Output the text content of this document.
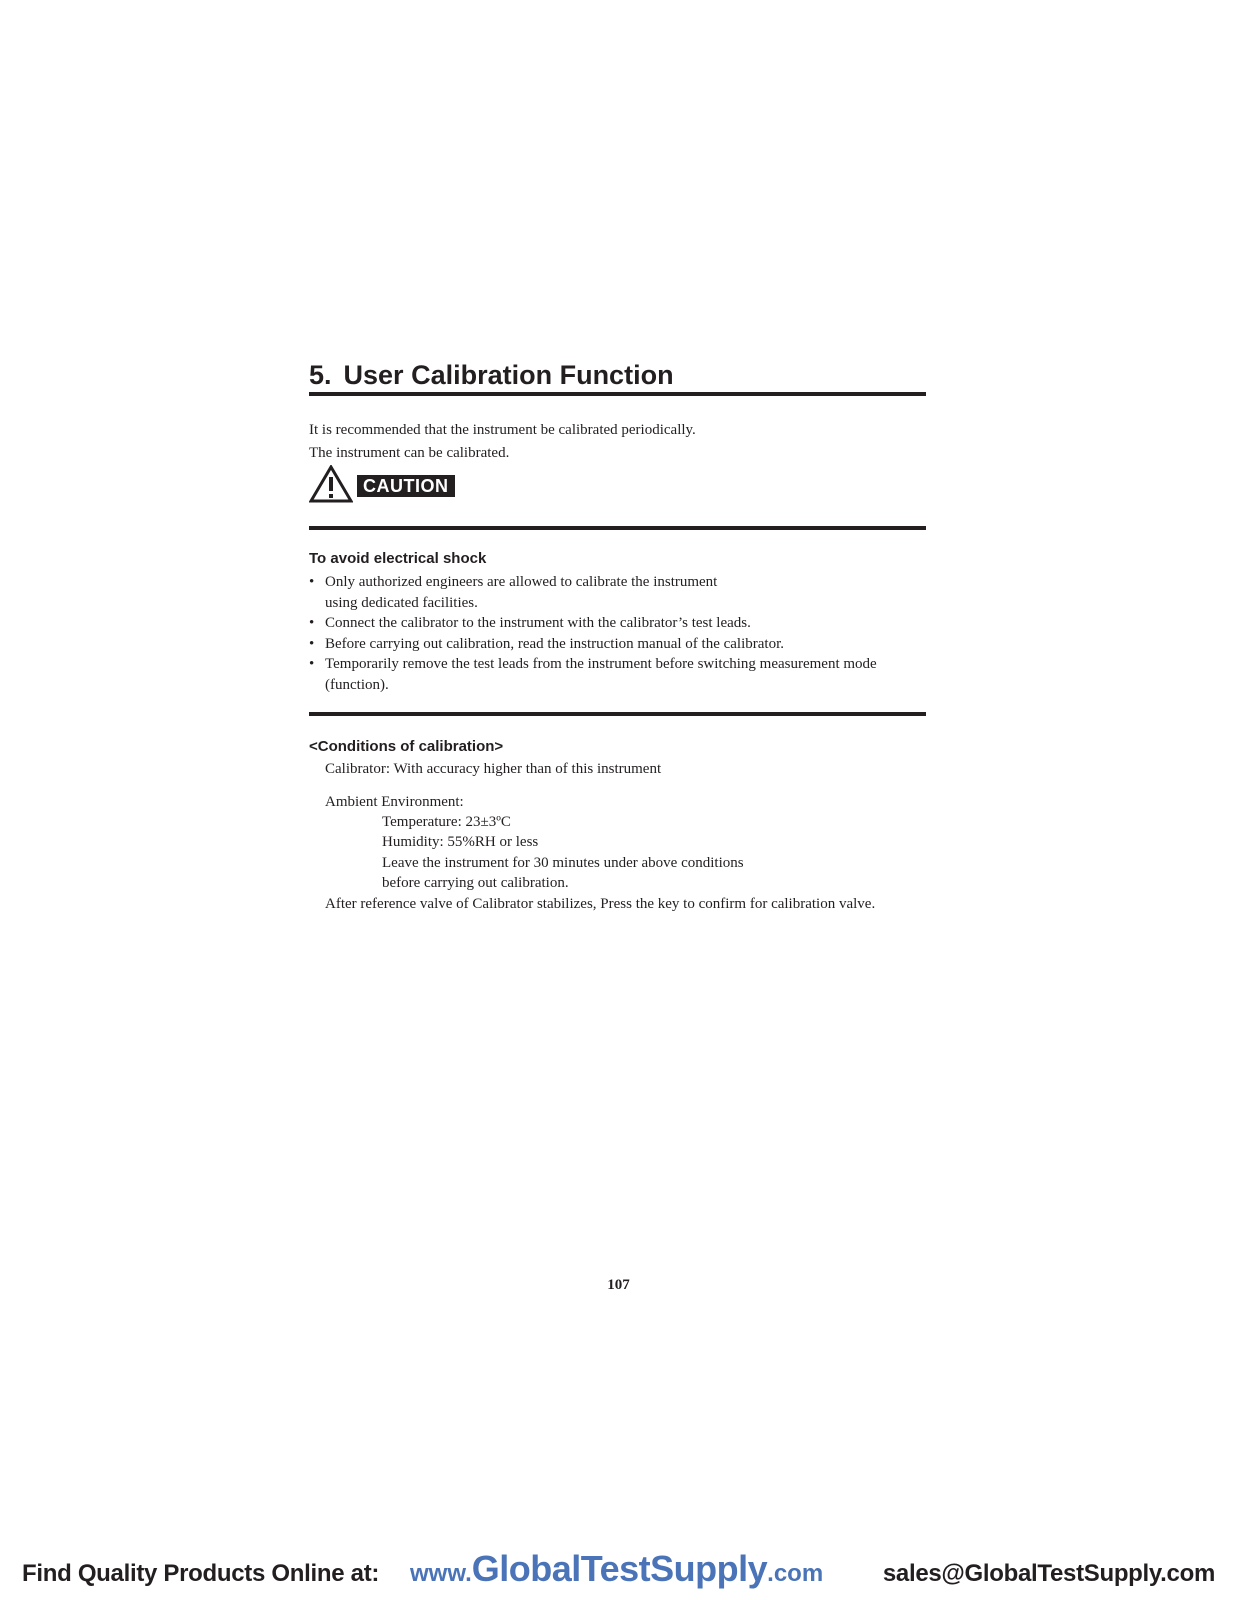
5. User Calibration Function
It is recommended that the instrument be calibrated periodically.
The instrument can be calibrated.
CAUTION
To avoid electrical shock
• Only authorized engineers are allowed to calibrate the instrument
using dedicated facilities.
• Connect the calibrator to the instrument with the calibrator’s test leads.
• Before carrying out calibration, read the instruction manual of the calibrator.
• Temporarily remove the test leads from the instrument before switching measurement mode
(function).
<Conditions of calibration>
Calibrator: With accuracy higher than of this instrument
Ambient Environment:
Temperature: 23±3ºC
Humidity: 55%RH or less
Leave the instrument for 30 minutes under above conditions
before carrying out calibration.
After reference valve of Calibrator stabilizes, Press the key to confirm for calibration valve.
107
Find Quality Products Online at: www.GlobalTestSupply.com sales@GlobalTestSupply.com
